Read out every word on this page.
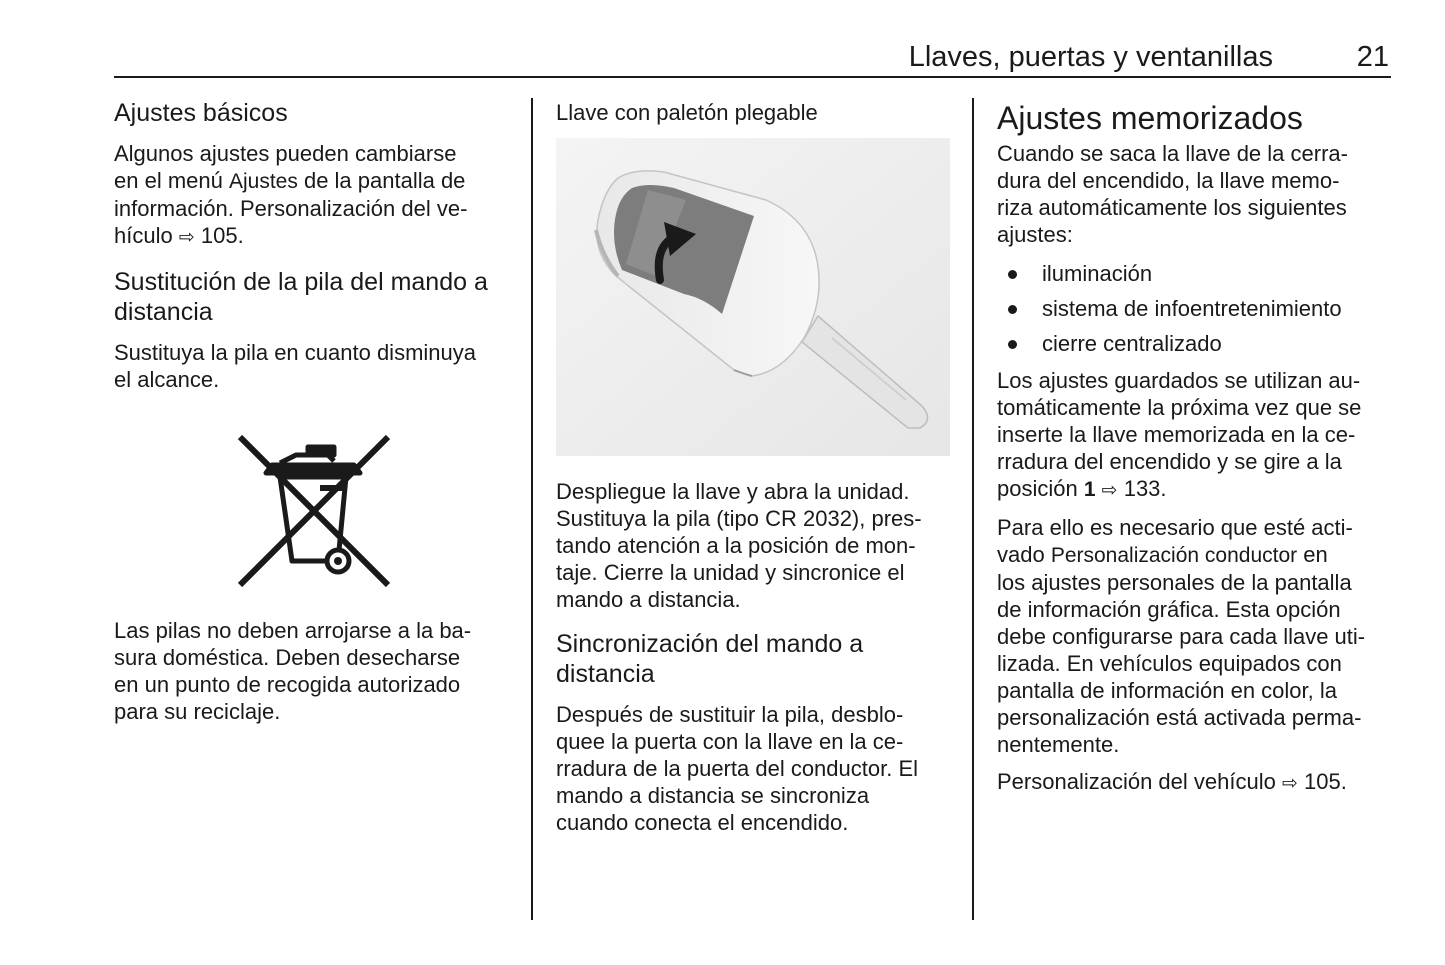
Llaves, puertas y ventanillas	21
Ajustes básicos

Algunos ajustes pueden cambiarse
en el menú Ajustes de la pantalla de
información. Personalización del ve-
hículo ⇨ 105.

Sustitución de la pila del mando a
distancia

Sustituya la pila en cuanto disminuya
el alcance.

Las pilas no deben arrojarse a la ba-
sura doméstica. Deben desecharse
en un punto de recogida autorizado
para su reciclaje.

Llave con paletón plegable

Despliegue la llave y abra la unidad.
Sustituya la pila (tipo CR 2032), pres-
tando atención a la posición de mon-
taje. Cierre la unidad y sincronice el
mando a distancia.

Sincronización del mando a
distancia

Después de sustituir la pila, desblo-
quee la puerta con la llave en la ce-
rradura de la puerta del conductor. El
mando a distancia se sincroniza
cuando conecta el encendido.

Ajustes memorizados

Cuando se saca la llave de la cerra-
dura del encendido, la llave memo-
riza automáticamente los siguientes
ajustes:

iluminación
sistema de infoentretenimiento
cierre centralizado

Los ajustes guardados se utilizan au-
tomáticamente la próxima vez que se
inserte la llave memorizada en la ce-
rradura del encendido y se gire a la
posición 1 ⇨ 133.

Para ello es necesario que esté acti-
vado Personalización conductor en
los ajustes personales de la pantalla
de información gráfica. Esta opción
debe configurarse para cada llave uti-
lizada. En vehículos equipados con
pantalla de información en color, la
personalización está activada perma-
nentemente.

Personalización del vehículo ⇨ 105.
